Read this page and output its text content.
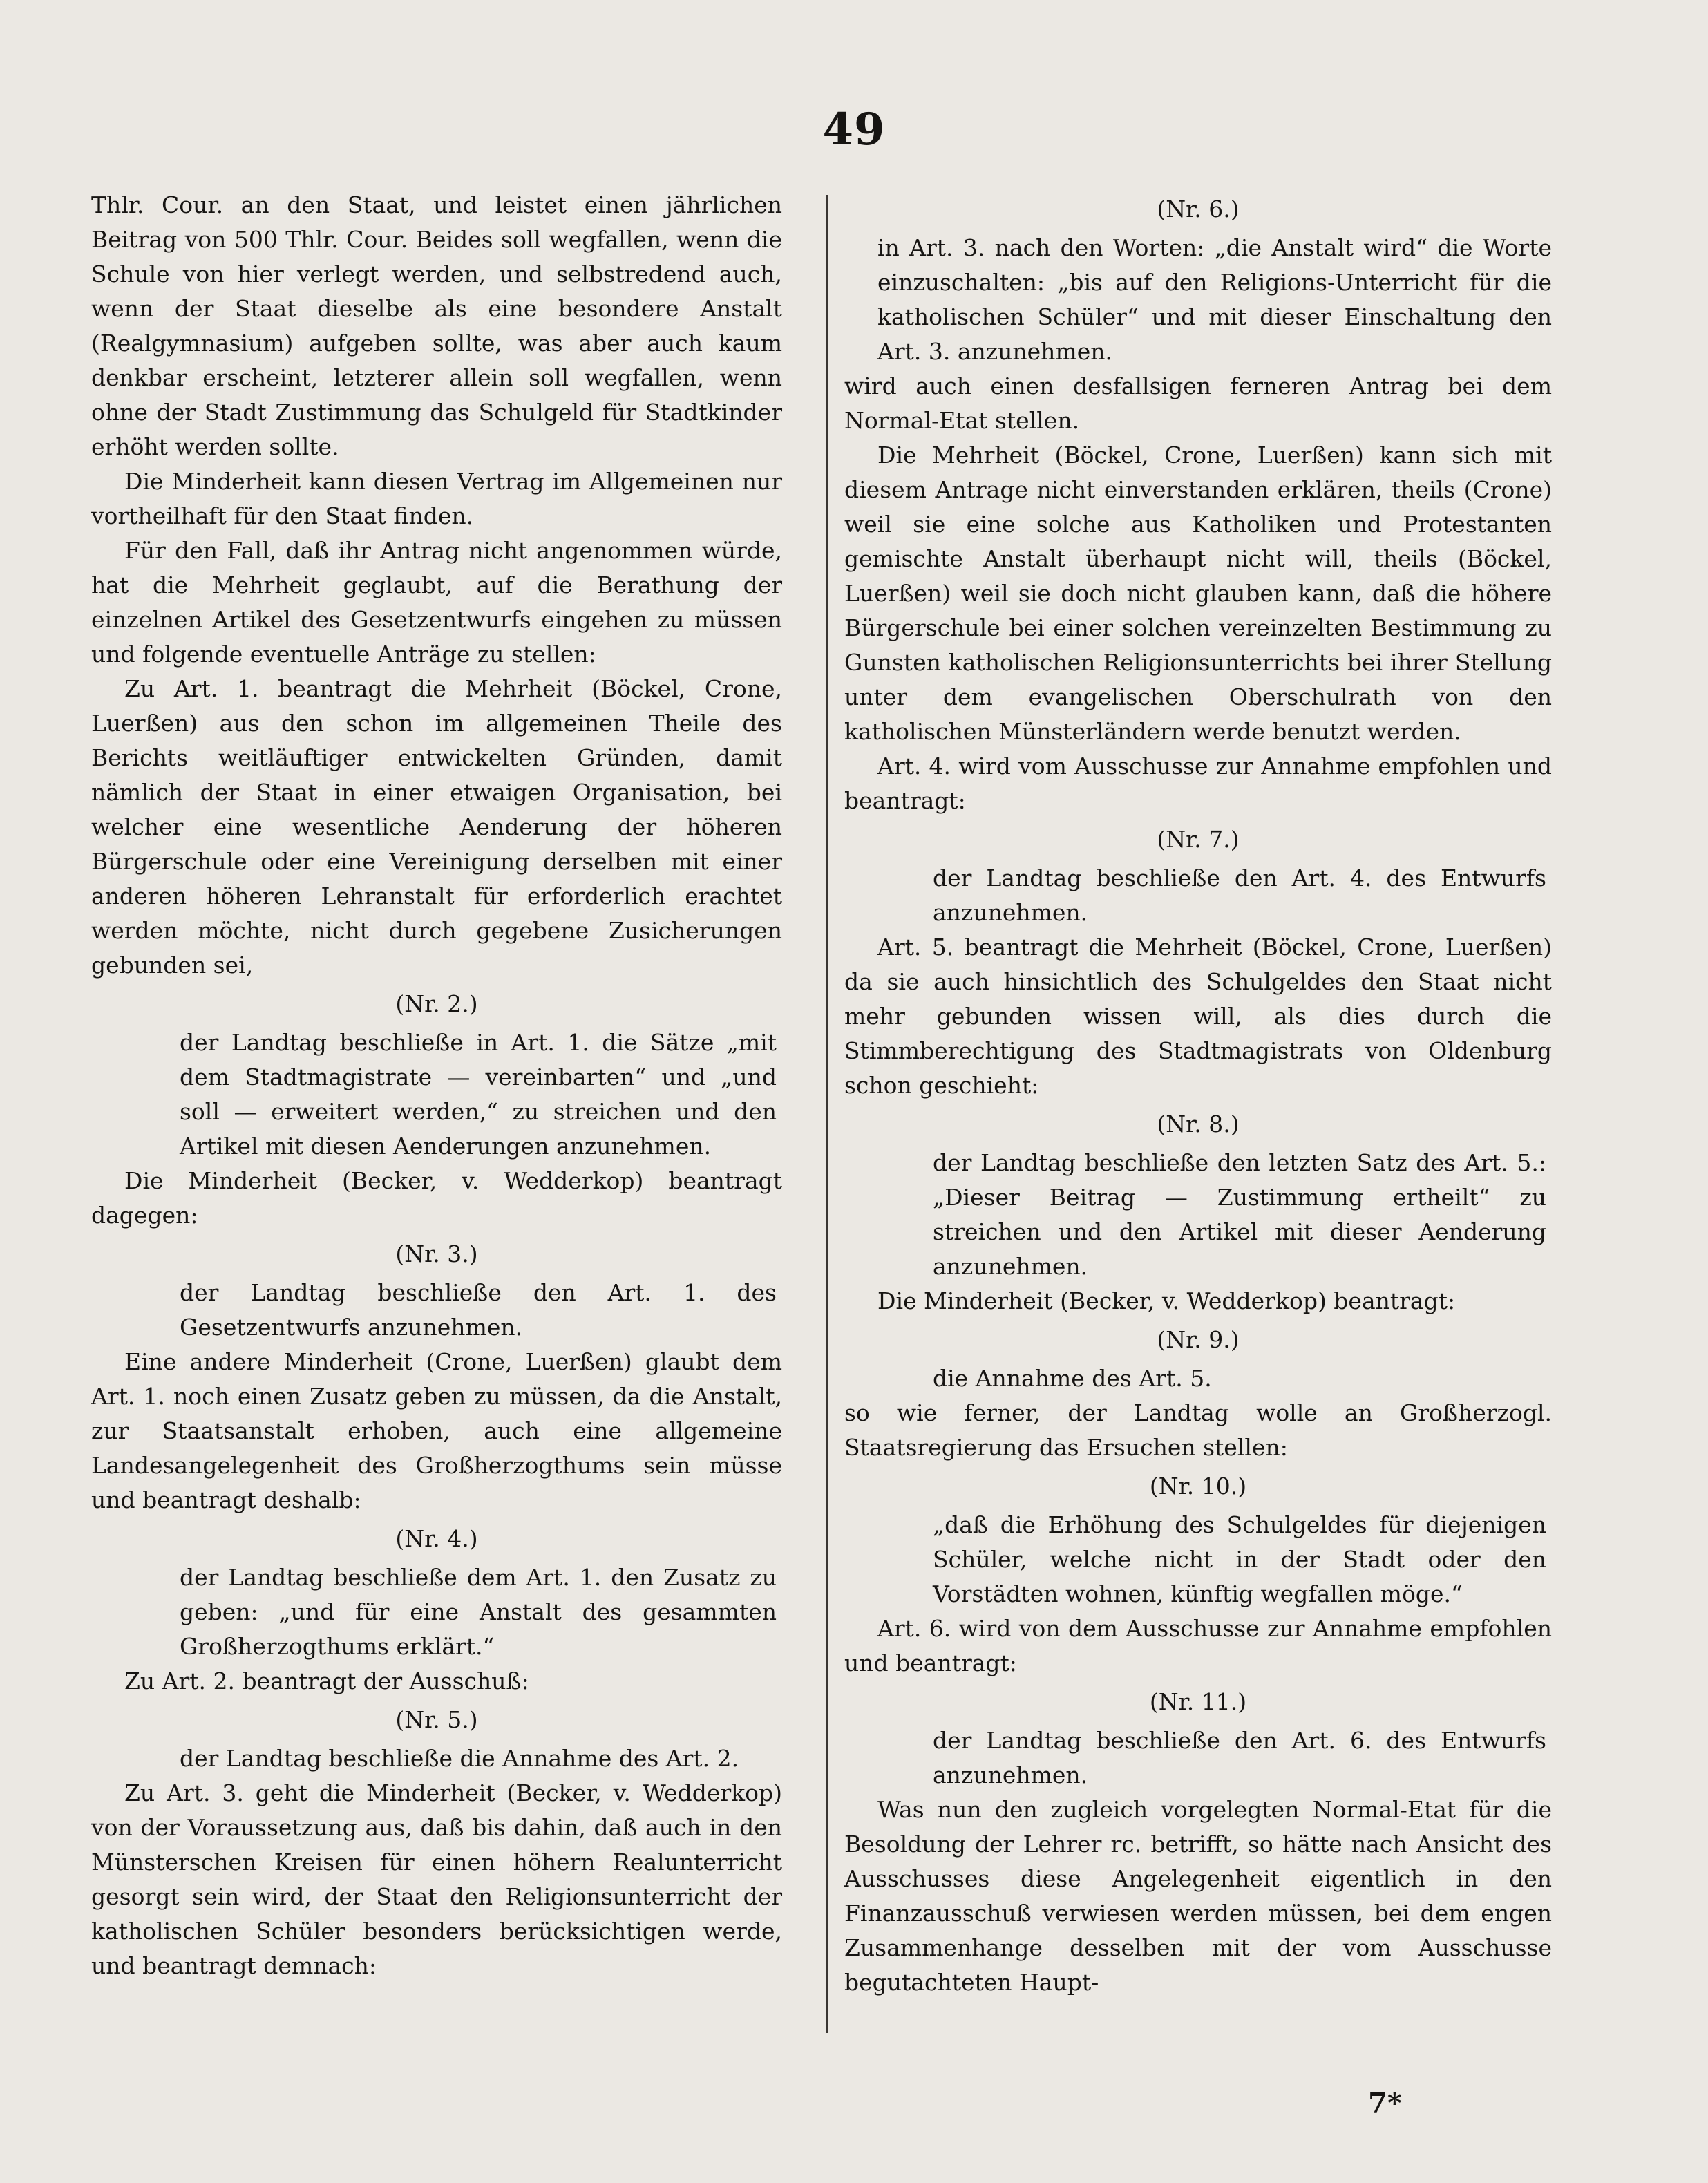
49

Thlr. Cour. an den Staat, und leistet einen jährlichen Beitrag von 500 Thlr. Cour. Beides soll wegfallen, wenn die Schule von hier verlegt werden, und selbstredend auch, wenn der Staat dieselbe als eine besondere Anstalt (Realgymnasium) aufgeben sollte, was aber auch kaum denkbar erscheint, letzterer allein soll wegfallen, wenn ohne der Stadt Zustimmung das Schulgeld für Stadtkinder erhöht werden sollte.

Die Minderheit kann diesen Vertrag im Allgemeinen nur vortheilhaft für den Staat finden.

Für den Fall, daß ihr Antrag nicht angenommen würde, hat die Mehrheit geglaubt, auf die Berathung der einzelnen Artikel des Gesetzentwurfs eingehen zu müssen und folgende eventuelle Anträge zu stellen:

Zu Art. 1. beantragt die Mehrheit (Böckel, Crone, Luerßen) aus den schon im allgemeinen Theile des Berichts weitläuftiger entwickelten Gründen, damit nämlich der Staat in einer etwaigen Organisation, bei welcher eine wesentliche Aenderung der höheren Bürgerschule oder eine Vereinigung derselben mit einer anderen höheren Lehranstalt für erforderlich erachtet werden möchte, nicht durch gegebene Zusicherungen gebunden sei,

(Nr. 2.)

der Landtag beschließe in Art. 1. die Sätze „mit dem Stadtmagistrate — vereinbarten“ und „und soll — erweitert werden,“ zu streichen und den Artikel mit diesen Aenderungen anzunehmen.

Die Minderheit (Becker, v. Wedderkop) beantragt dagegen:

(Nr. 3.)

der Landtag beschließe den Art. 1. des Gesetzentwurfs anzunehmen.

Eine andere Minderheit (Crone, Luerßen) glaubt dem Art. 1. noch einen Zusatz geben zu müssen, da die Anstalt, zur Staatsanstalt erhoben, auch eine allgemeine Landesangelegenheit des Großherzogthums sein müsse und beantragt deshalb:

(Nr. 4.)

der Landtag beschließe dem Art. 1. den Zusatz zu geben: „und für eine Anstalt des gesammten Großherzogthums erklärt.“

Zu Art. 2. beantragt der Ausschuß:

(Nr. 5.)

der Landtag beschließe die Annahme des Art. 2.

Zu Art. 3. geht die Minderheit (Becker, v. Wedderkop) von der Voraussetzung aus, daß bis dahin, daß auch in den Münsterschen Kreisen für einen höhern Realunterricht gesorgt sein wird, der Staat den Religionsunterricht der katholischen Schüler besonders berücksichtigen werde, und beantragt demnach:

(Nr. 6.)

in Art. 3. nach den Worten: „die Anstalt wird“ die Worte einzuschalten: „bis auf den Religions-Unterricht für die katholischen Schüler“ und mit dieser Einschaltung den Art. 3. anzunehmen.

wird auch einen desfallsigen ferneren Antrag bei dem Normal-Etat stellen.

Die Mehrheit (Böckel, Crone, Luerßen) kann sich mit diesem Antrage nicht einverstanden erklären, theils (Crone) weil sie eine solche aus Katholiken und Protestanten gemischte Anstalt überhaupt nicht will, theils (Böckel, Luerßen) weil sie doch nicht glauben kann, daß die höhere Bürgerschule bei einer solchen vereinzelten Bestimmung zu Gunsten katholischen Religionsunterrichts bei ihrer Stellung unter dem evangelischen Oberschulrath von den katholischen Münsterländern werde benutzt werden.

Art. 4. wird vom Ausschusse zur Annahme empfohlen und beantragt:

(Nr. 7.)

der Landtag beschließe den Art. 4. des Entwurfs anzunehmen.

Art. 5. beantragt die Mehrheit (Böckel, Crone, Luerßen) da sie auch hinsichtlich des Schulgeldes den Staat nicht mehr gebunden wissen will, als dies durch die Stimmberechtigung des Stadtmagistrats von Oldenburg schon geschieht:

(Nr. 8.)

der Landtag beschließe den letzten Satz des Art. 5.: „Dieser Beitrag — Zustimmung ertheilt“ zu streichen und den Artikel mit dieser Aenderung anzunehmen.

Die Minderheit (Becker, v. Wedderkop) beantragt:

(Nr. 9.)

die Annahme des Art. 5.

so wie ferner, der Landtag wolle an Großherzogl. Staatsregierung das Ersuchen stellen:

(Nr. 10.)

„daß die Erhöhung des Schulgeldes für diejenigen Schüler, welche nicht in der Stadt oder den Vorstädten wohnen, künftig wegfallen möge.“

Art. 6. wird von dem Ausschusse zur Annahme empfohlen und beantragt:

(Nr. 11.)

der Landtag beschließe den Art. 6. des Entwurfs anzunehmen.

Was nun den zugleich vorgelegten Normal-Etat für die Besoldung der Lehrer rc. betrifft, so hätte nach Ansicht des Ausschusses diese Angelegenheit eigentlich in den Finanzausschuß verwiesen werden müssen, bei dem engen Zusammenhange desselben mit der vom Ausschusse begutachteten Haupt-

7*
